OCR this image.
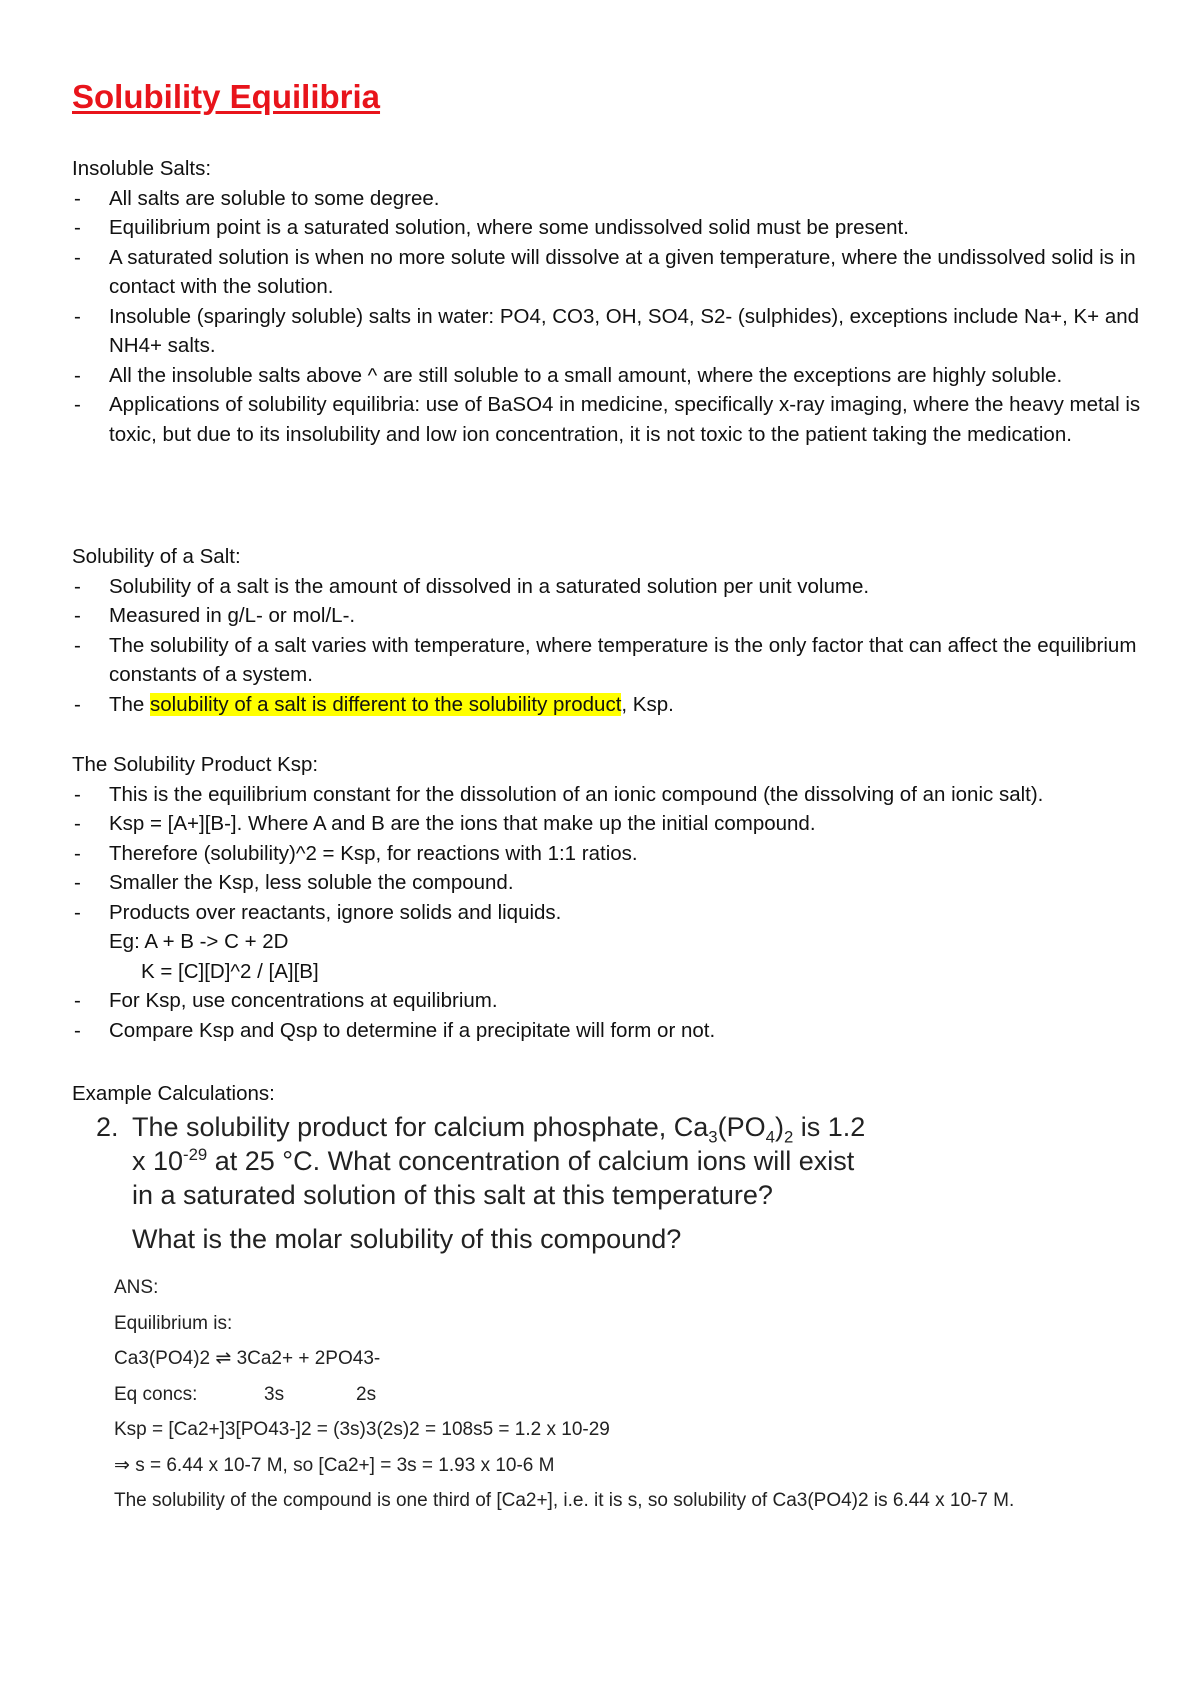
Solubility Equilibria
Insoluble Salts:
- All salts are soluble to some degree.
- Equilibrium point is a saturated solution, where some undissolved solid must be present.
- A saturated solution is when no more solute will dissolve at a given temperature, where the undissolved solid is in contact with the solution.
- Insoluble (sparingly soluble) salts in water: PO4, CO3, OH, SO4, S2- (sulphides), exceptions include Na+, K+ and NH4+ salts.
- All the insoluble salts above ^ are still soluble to a small amount, where the exceptions are highly soluble.
- Applications of solubility equilibria: use of BaSO4 in medicine, specifically x-ray imaging, where the heavy metal is toxic, but due to its insolubility and low ion concentration, it is not toxic to the patient taking the medication.
Solubility of a Salt:
- Solubility of a salt is the amount of dissolved in a saturated solution per unit volume.
- Measured in g/L- or mol/L-.
- The solubility of a salt varies with temperature, where temperature is the only factor that can affect the equilibrium constants of a system.
- The solubility of a salt is different to the solubility product, Ksp.
The Solubility Product Ksp:
- This is the equilibrium constant for the dissolution of an ionic compound (the dissolving of an ionic salt).
- Ksp = [A+][B-]. Where A and B are the ions that make up the initial compound.
- Therefore (solubility)^2 = Ksp, for reactions with 1:1 ratios.
- Smaller the Ksp, less soluble the compound.
- Products over reactants, ignore solids and liquids.
Eg: A + B -> C + 2D
K = [C][D]^2 / [A][B]
- For Ksp, use concentrations at equilibrium.
- Compare Ksp and Qsp to determine if a precipitate will form or not.
Example Calculations:
2. The solubility product for calcium phosphate, $Ca_3(PO_4)_2$ is 1.2
x $10^{-29}$ at 25 °C. What concentration of calcium ions will exist
in a saturated solution of this salt at this temperature?
What is the molar solubility of this compound?
ANS:
Equilibrium is:
Ca3(PO4)2 ⇌ 3Ca2+ + 2PO43-
Eq concs:	3s	2s
Ksp = [Ca2+]3[PO43-]2 = (3s)3(2s)2 = 108s5 = 1.2 x 10-29
⇒ s = 6.44 x 10-7 M, so [Ca2+] = 3s = 1.93 x 10-6 M
The solubility of the compound is one third of [Ca2+], i.e. it is s, so solubility of Ca3(PO4)2 is 6.44 x 10-7 M.
